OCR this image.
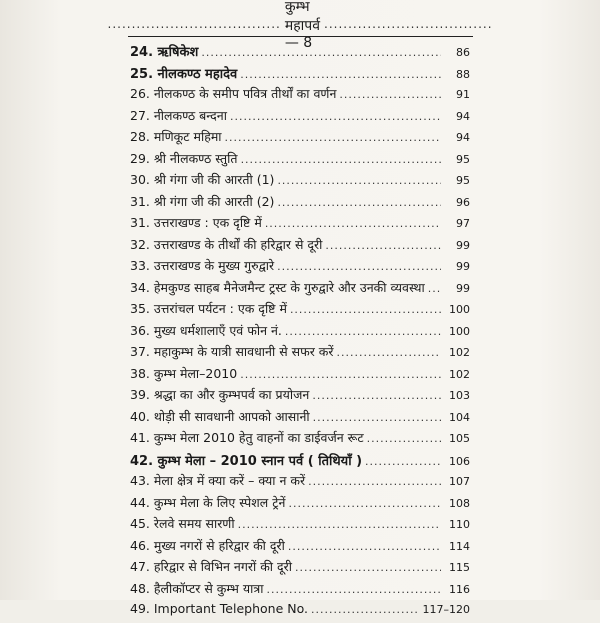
....................................
कुम्भ महापर्व— 8
...................................
24. ऋषिकेश .....	86
25. नीलकण्ठ महादेव .....	88
26. नीलकण्ठ के समीप पवित्र तीर्थों का वर्णन .....	91
27. नीलकण्ठ बन्दना .....	94
28. मणिकूट महिमा .....	94
29. श्री नीलकण्ठ स्तुति .....	95
30. श्री गंगा जी की आरती (1) .....	95
31. श्री गंगा जी की आरती (2) .....	96
31. उत्तराखण्ड : एक दृष्टि में .....	97
32. उत्तराखण्ड के तीर्थों की हरिद्वार से दूरी .....	99
33. उत्तराखण्ड के मुख्य गुरुद्वारे .....	99
34. हेमकुण्ड साहब मैनेजमैन्ट ट्रस्ट के गुरुद्वारे और उनकी व्यवस्था .....	99
35. उत्तरांचल पर्यटन : एक दृष्टि में .....	100
36. मुख्य धर्मशालाएँ एवं फोन नं. .....	100
37. महाकुम्भ के यात्री सावधानी से सफर करें .....	102
38. कुम्भ मेला–2010 .....	102
39. श्रद्धा का और कुम्भपर्व का प्रयोजन .....	103
40. थोड़ी सी सावधानी आपको आसानी .....	104
41. कुम्भ मेला 2010 हेतु वाहनों का डाईवर्जन रूट .....	105
42. कुम्भ मेला – 2010 स्नान पर्व ( तिथियाँ ) .....	106
43. मेला क्षेत्र में क्या करें – क्या न करें .....	107
44. कुम्भ मेला के लिए स्पेशल ट्रेनें .....	108
45. रेलवे समय सारणी .....	110
46. मुख्य नगरों से हरिद्वार की दूरी .....	114
47. हरिद्वार से विभिन नगरों की दूरी .....	115
48. हैलीकॉप्टर से कुम्भ यात्रा .....	116
49. Important Telephone No. .....	117–120
